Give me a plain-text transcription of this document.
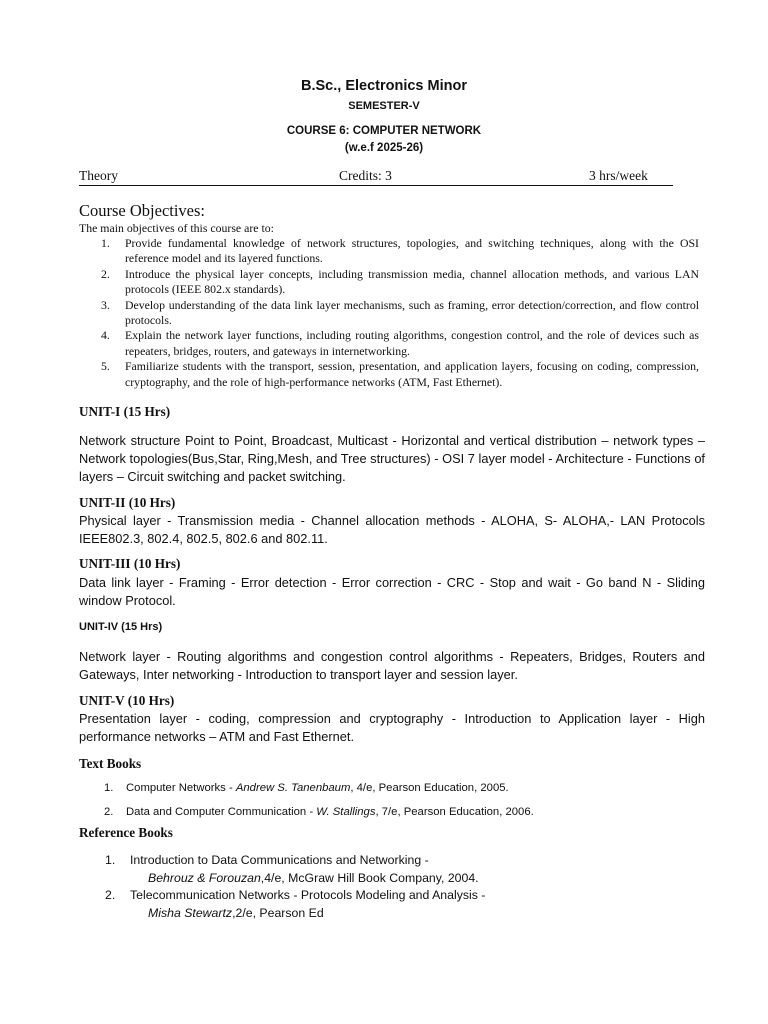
B.Sc., Electronics Minor
SEMESTER-V
COURSE 6: COMPUTER NETWORK
(w.e.f 2025-26)
Theory	Credits: 3	3 hrs/week
Course Objectives:
The main objectives of this course are to:
1. Provide fundamental knowledge of network structures, topologies, and switching techniques, along with the OSI reference model and its layered functions.
2. Introduce the physical layer concepts, including transmission media, channel allocation methods, and various LAN protocols (IEEE 802.x standards).
3. Develop understanding of the data link layer mechanisms, such as framing, error detection/correction, and flow control protocols.
4. Explain the network layer functions, including routing algorithms, congestion control, and the role of devices such as repeaters, bridges, routers, and gateways in internetworking.
5. Familiarize students with the transport, session, presentation, and application layers, focusing on coding, compression, cryptography, and the role of high-performance networks (ATM, Fast Ethernet).
UNIT-I (15 Hrs)
Network structure Point to Point, Broadcast, Multicast - Horizontal and vertical distribution – network types – Network topologies(Bus,Star, Ring,Mesh, and Tree structures) - OSI 7 layer model - Architecture - Functions of layers – Circuit switching and packet switching.
UNIT-II (10 Hrs)
Physical layer - Transmission media - Channel allocation methods - ALOHA, S- ALOHA,- LAN Protocols IEEE802.3, 802.4, 802.5, 802.6 and 802.11.
UNIT-III (10 Hrs)
Data link layer - Framing - Error detection - Error correction - CRC - Stop and wait - Go band N - Sliding window Protocol.
UNIT-IV (15 Hrs)
Network layer - Routing algorithms and congestion control algorithms - Repeaters, Bridges, Routers and Gateways, Inter networking - Introduction to transport layer and session layer.
UNIT-V (10 Hrs)
Presentation layer - coding, compression and cryptography - Introduction to Application layer - High performance networks – ATM and Fast Ethernet.
Text Books
1. Computer Networks - Andrew S. Tanenbaum, 4/e, Pearson Education, 2005.
2. Data and Computer Communication - W. Stallings, 7/e, Pearson Education, 2006.
Reference Books
1. Introduction to Data Communications and Networking -
Behrouz & Forouzan,4/e, McGraw Hill Book Company, 2004.
2. Telecommunication Networks - Protocols Modeling and Analysis -
Misha Stewartz,2/e, Pearson Ed
